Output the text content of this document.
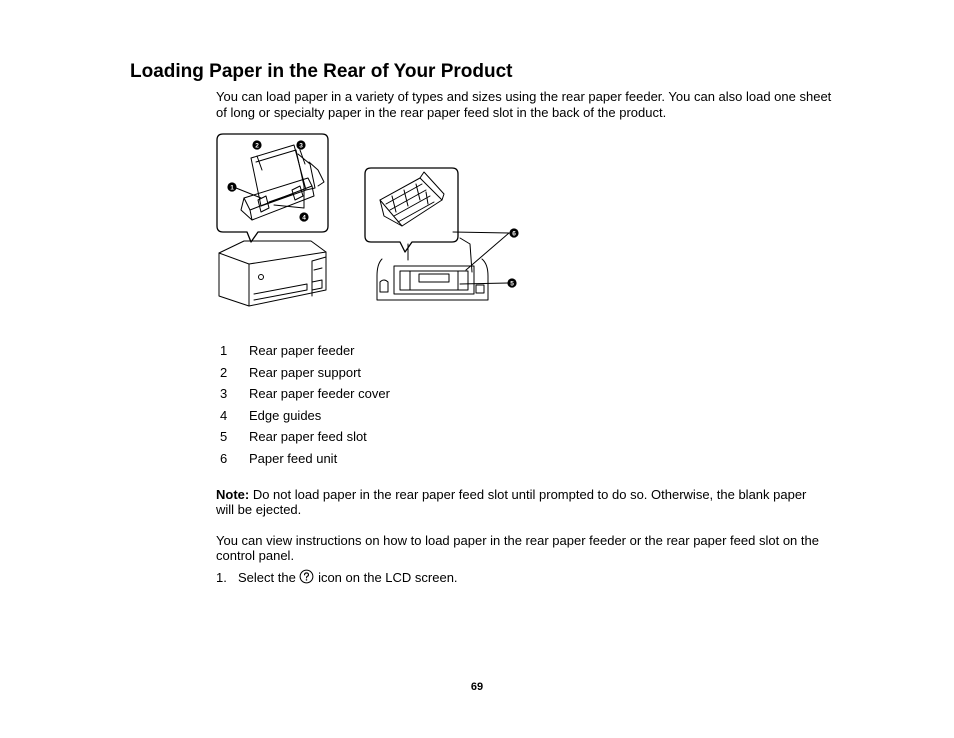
Loading Paper in the Rear of Your Product

You can load paper in a variety of types and sizes using the rear paper feeder. You can also load one sheet of long or specialty paper in the rear paper feed slot in the back of the product.

1
2	3
4
5
6
1 Rear paper feeder
2 Rear paper support
3 Rear paper feeder cover
4 Edge guides
5 Rear paper feed slot
6 Paper feed unit

Note: Do not load paper in the rear paper feed slot until prompted to do so. Otherwise, the blank paper will be ejected.

You can view instructions on how to load paper in the rear paper feeder or the rear paper feed slot on the control panel.

1. Select the  icon on the LCD screen.

69
